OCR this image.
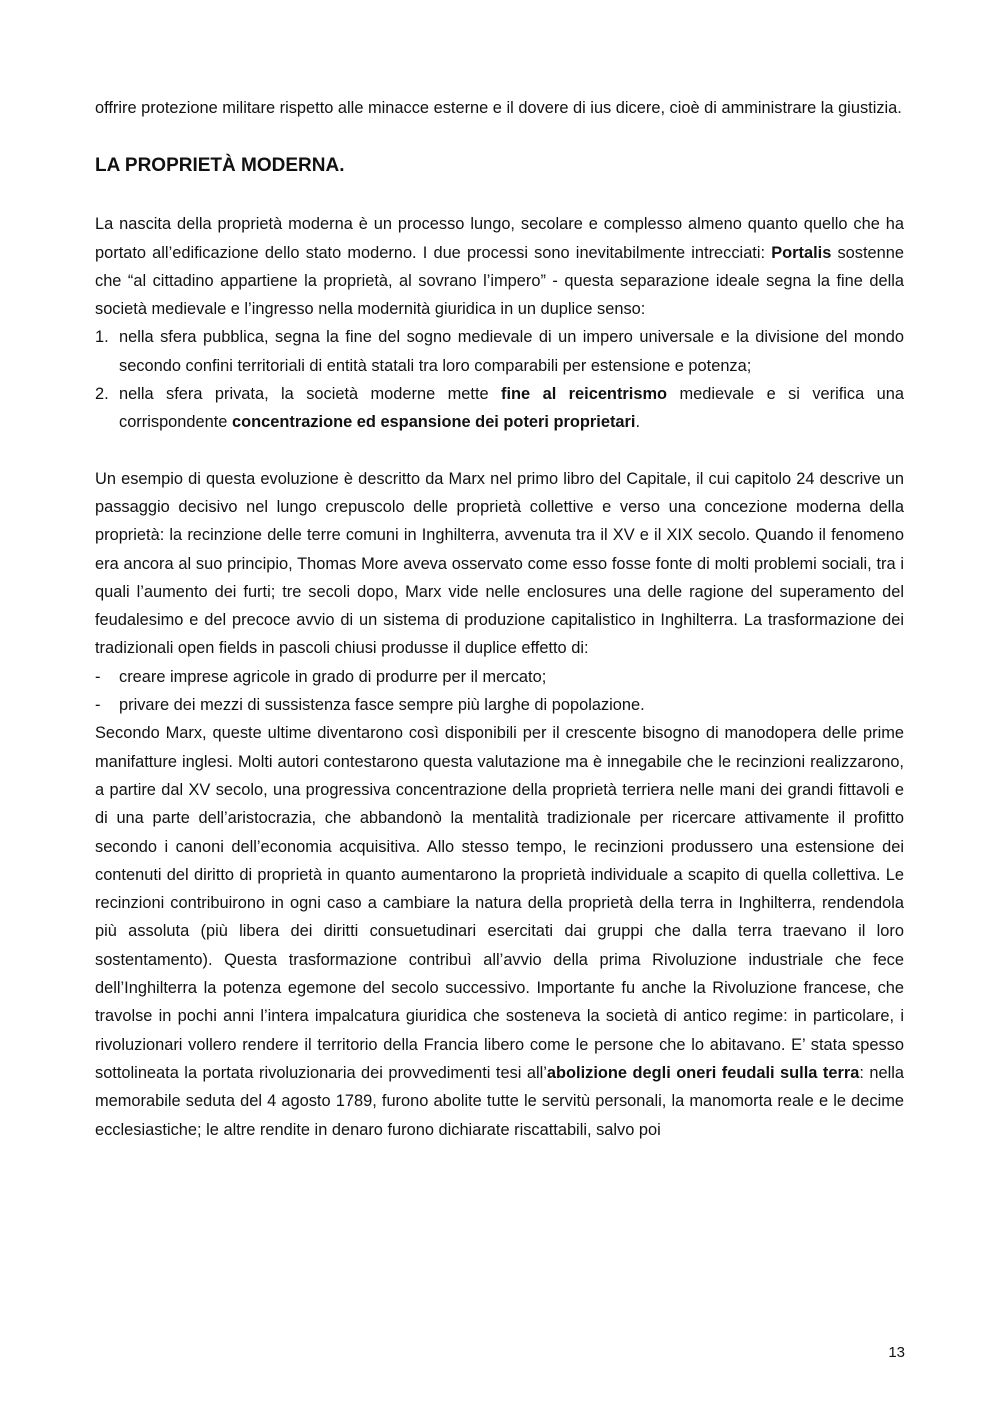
offrire protezione militare rispetto alle minacce esterne e il dovere di ius dicere, cioè di amministrare la giustizia.

LA PROPRIETÀ MODERNA.

La nascita della proprietà moderna è un processo lungo, secolare e complesso almeno quanto quello che ha portato all’edificazione dello stato moderno. I due processi sono inevitabilmente intrecciati: Portalis sostenne che “al cittadino appartiene la proprietà, al sovrano l’impero” - questa separazione ideale segna la fine della società medievale e l’ingresso nella modernità giuridica in un duplice senso:

1. nella sfera pubblica, segna la fine del sogno medievale di un impero universale e la divisione del mondo secondo confini territoriali di entità statali tra loro comparabili per estensione e potenza;
2. nella sfera privata, la società moderne mette fine al reicentrismo medievale e si verifica una corrispondente concentrazione ed espansione dei poteri proprietari.

Un esempio di questa evoluzione è descritto da Marx nel primo libro del Capitale, il cui capitolo 24 descrive un passaggio decisivo nel lungo crepuscolo delle proprietà collettive e verso una concezione moderna della proprietà: la recinzione delle terre comuni in Inghilterra, avvenuta tra il XV e il XIX secolo. Quando il fenomeno era ancora al suo principio, Thomas More aveva osservato come esso fosse fonte di molti problemi sociali, tra i quali l’aumento dei furti; tre secoli dopo, Marx vide nelle enclosures una delle ragione del superamento del feudalesimo e del precoce avvio di un sistema di produzione capitalistico in Inghilterra. La trasformazione dei tradizionali open fields in pascoli chiusi produsse il duplice effetto di:

- creare imprese agricole in grado di produrre per il mercato;
- privare dei mezzi di sussistenza fasce sempre più larghe di popolazione.

Secondo Marx, queste ultime diventarono così disponibili per il crescente bisogno di manodopera delle prime manifatture inglesi. Molti autori contestarono questa valutazione ma è innegabile che le recinzioni realizzarono, a partire dal XV secolo, una progressiva concentrazione della proprietà terriera nelle mani dei grandi fittavoli e di una parte dell’aristocrazia, che abbandonò la mentalità tradizionale per ricercare attivamente il profitto secondo i canoni dell’economia acquisitiva. Allo stesso tempo, le recinzioni produssero una estensione dei contenuti del diritto di proprietà in quanto aumentarono la proprietà individuale a scapito di quella collettiva. Le recinzioni contribuirono in ogni caso a cambiare la natura della proprietà della terra in Inghilterra, rendendola più assoluta (più libera dei diritti consuetudinari esercitati dai gruppi che dalla terra traevano il loro sostentamento). Questa trasformazione contribuì all’avvio della prima Rivoluzione industriale che fece dell’Inghilterra la potenza egemone del secolo successivo. Importante fu anche la Rivoluzione francese, che travolse in pochi anni l’intera impalcatura giuridica che sosteneva la società di antico regime: in particolare, i rivoluzionari vollero rendere il territorio della Francia libero come le persone che lo abitavano. E’ stata spesso sottolineata la portata rivoluzionaria dei provvedimenti tesi all’abolizione degli oneri feudali sulla terra: nella memorabile seduta del 4 agosto 1789, furono abolite tutte le servitù personali, la manomorta reale e le decime ecclesiastiche; le altre rendite in denaro furono dichiarate riscattabili, salvo poi

13
